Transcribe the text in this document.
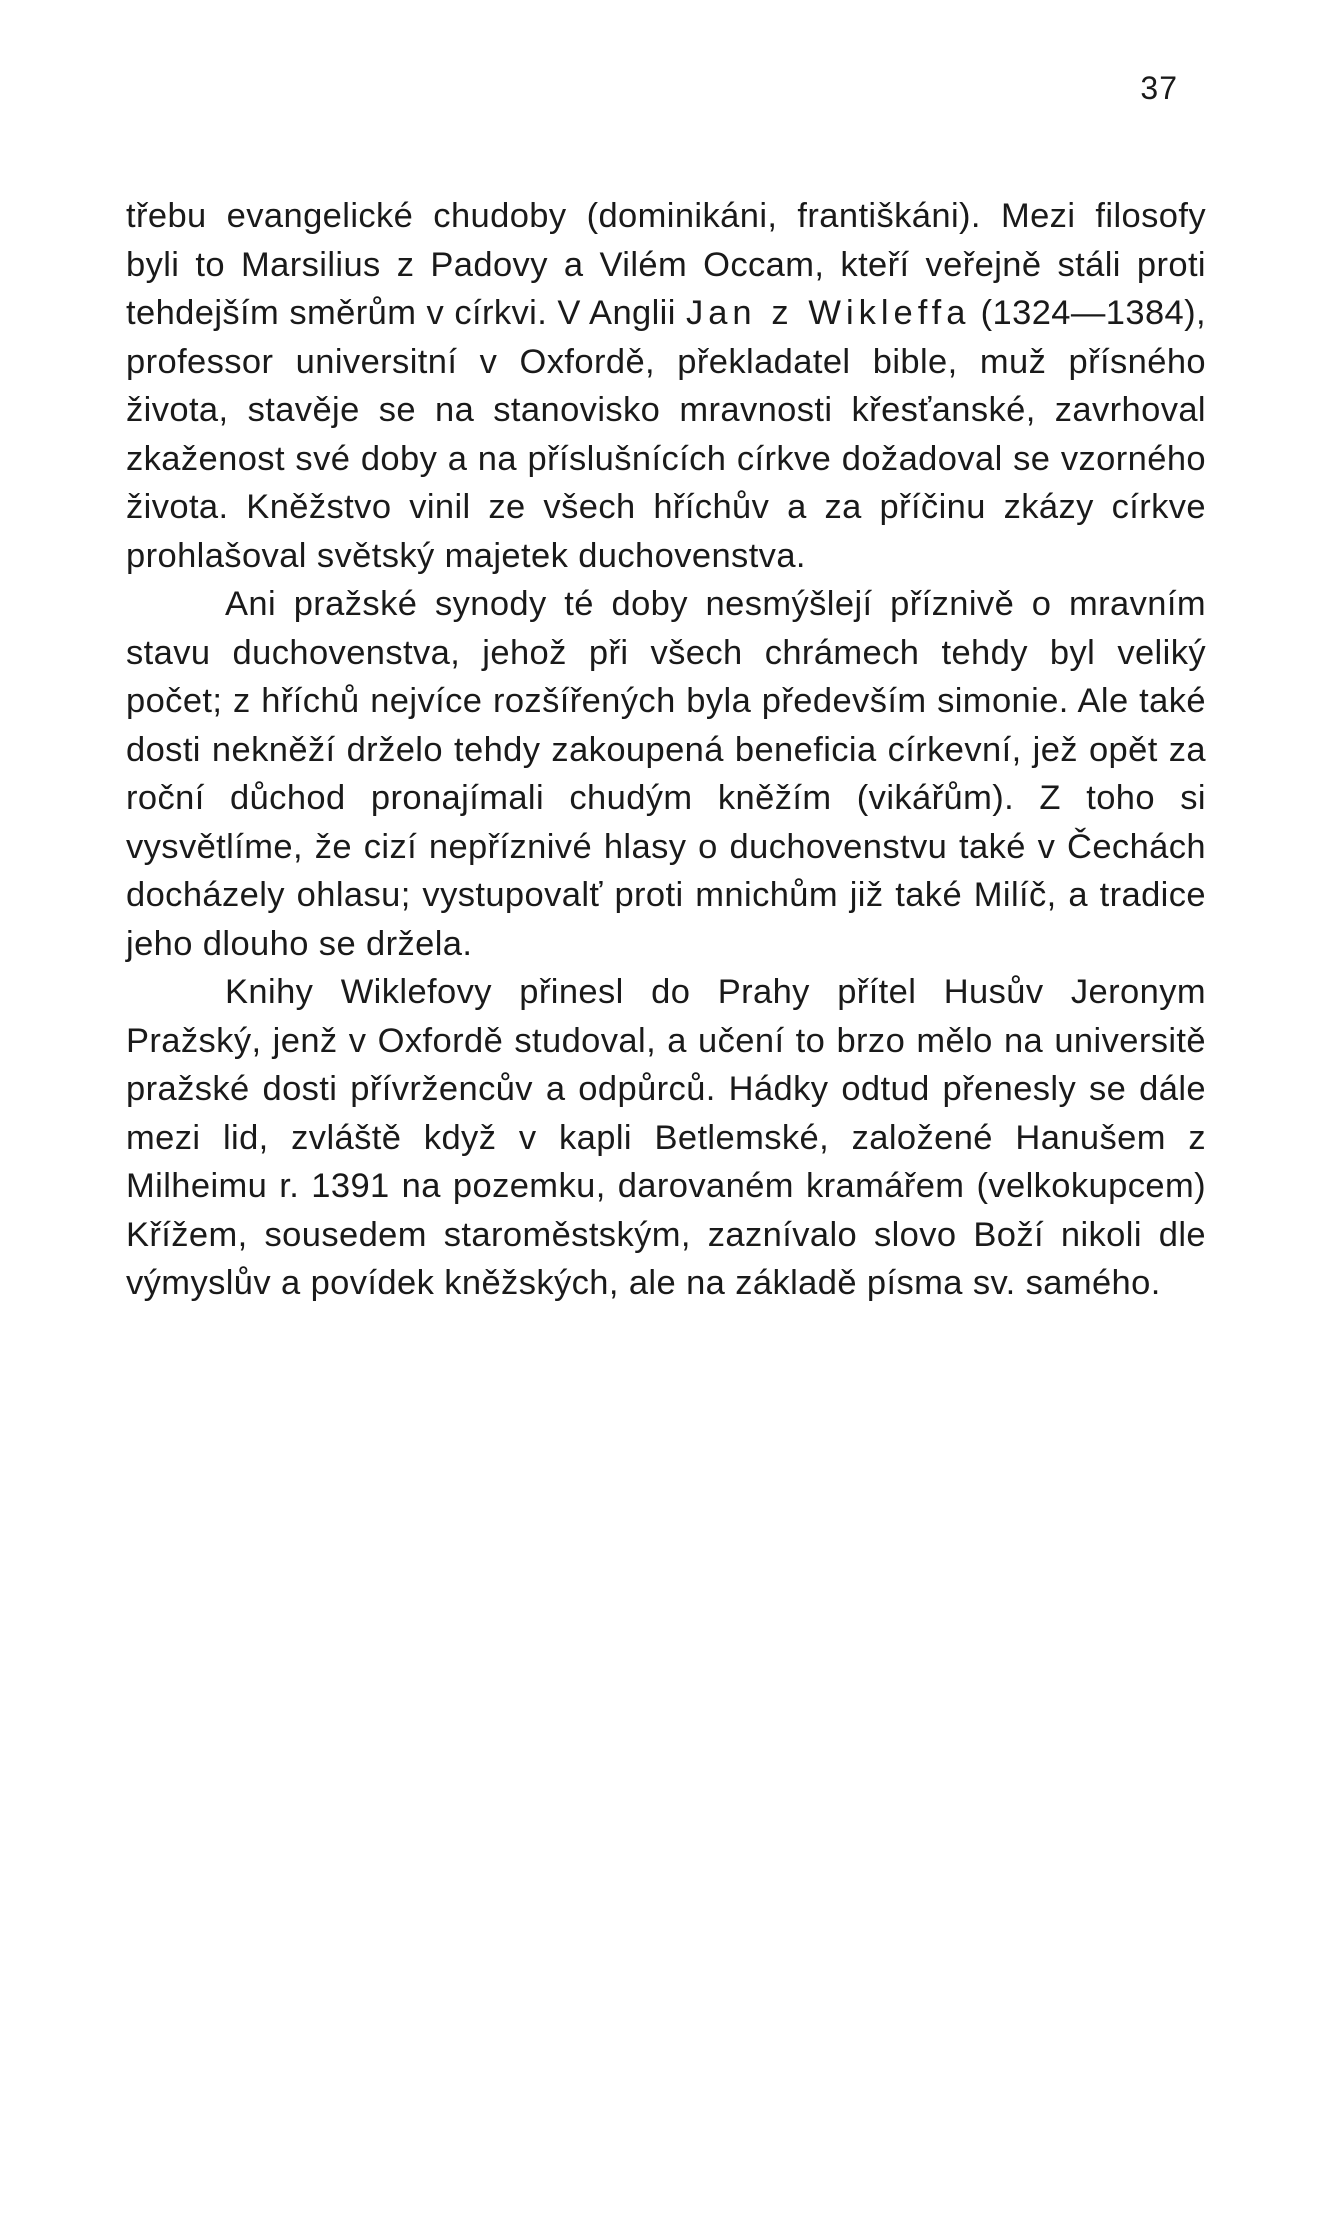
37

třebu evangelické chudoby (dominikáni, františkáni). Mezi filosofy byli to Marsilius z Padovy a Vilém Occam, kteří veřejně stáli proti tehdejším směrům v církvi. V Anglii Jan z Wikleffa (1324—1384), professor universitní v Oxfordě, překladatel bible, muž přísného života, stavěje se na stanovisko mravnosti křesťanské, zavrhoval zkaženost své doby a na příslušnících církve dožadoval se vzorného života. Kněžstvo vinil ze všech hříchův a za příčinu zkázy církve prohlašoval světský majetek duchovenstva.

Ani pražské synody té doby nesmýšlejí příznivě o mravním stavu duchovenstva, jehož při všech chrámech tehdy byl veliký počet; z hříchů nejvíce rozšířených byla především simonie. Ale také dosti nekněží drželo tehdy zakoupená beneficia církevní, jež opět za roční důchod pronajímali chudým kněžím (vikářům). Z toho si vysvětlíme, že cizí nepříznivé hlasy o duchovenstvu také v Čechách docházely ohlasu; vystupovalť proti mnichům již také Milíč, a tradice jeho dlouho se držela.

Knihy Wiklefovy přinesl do Prahy přítel Husův Jeronym Pražský, jenž v Oxfordě studoval, a učení to brzo mělo na universitě pražské dosti přívržencův a odpůrců. Hádky odtud přenesly se dále mezi lid, zvláště když v kapli Betlemské, založené Hanušem z Milheimu r. 1391 na pozemku, darovaném kramářem (velkokupcem) Křížem, sousedem staroměstským, zaznívalo slovo Boží nikoli dle výmyslův a povídek kněžských, ale na základě písma sv. samého.
